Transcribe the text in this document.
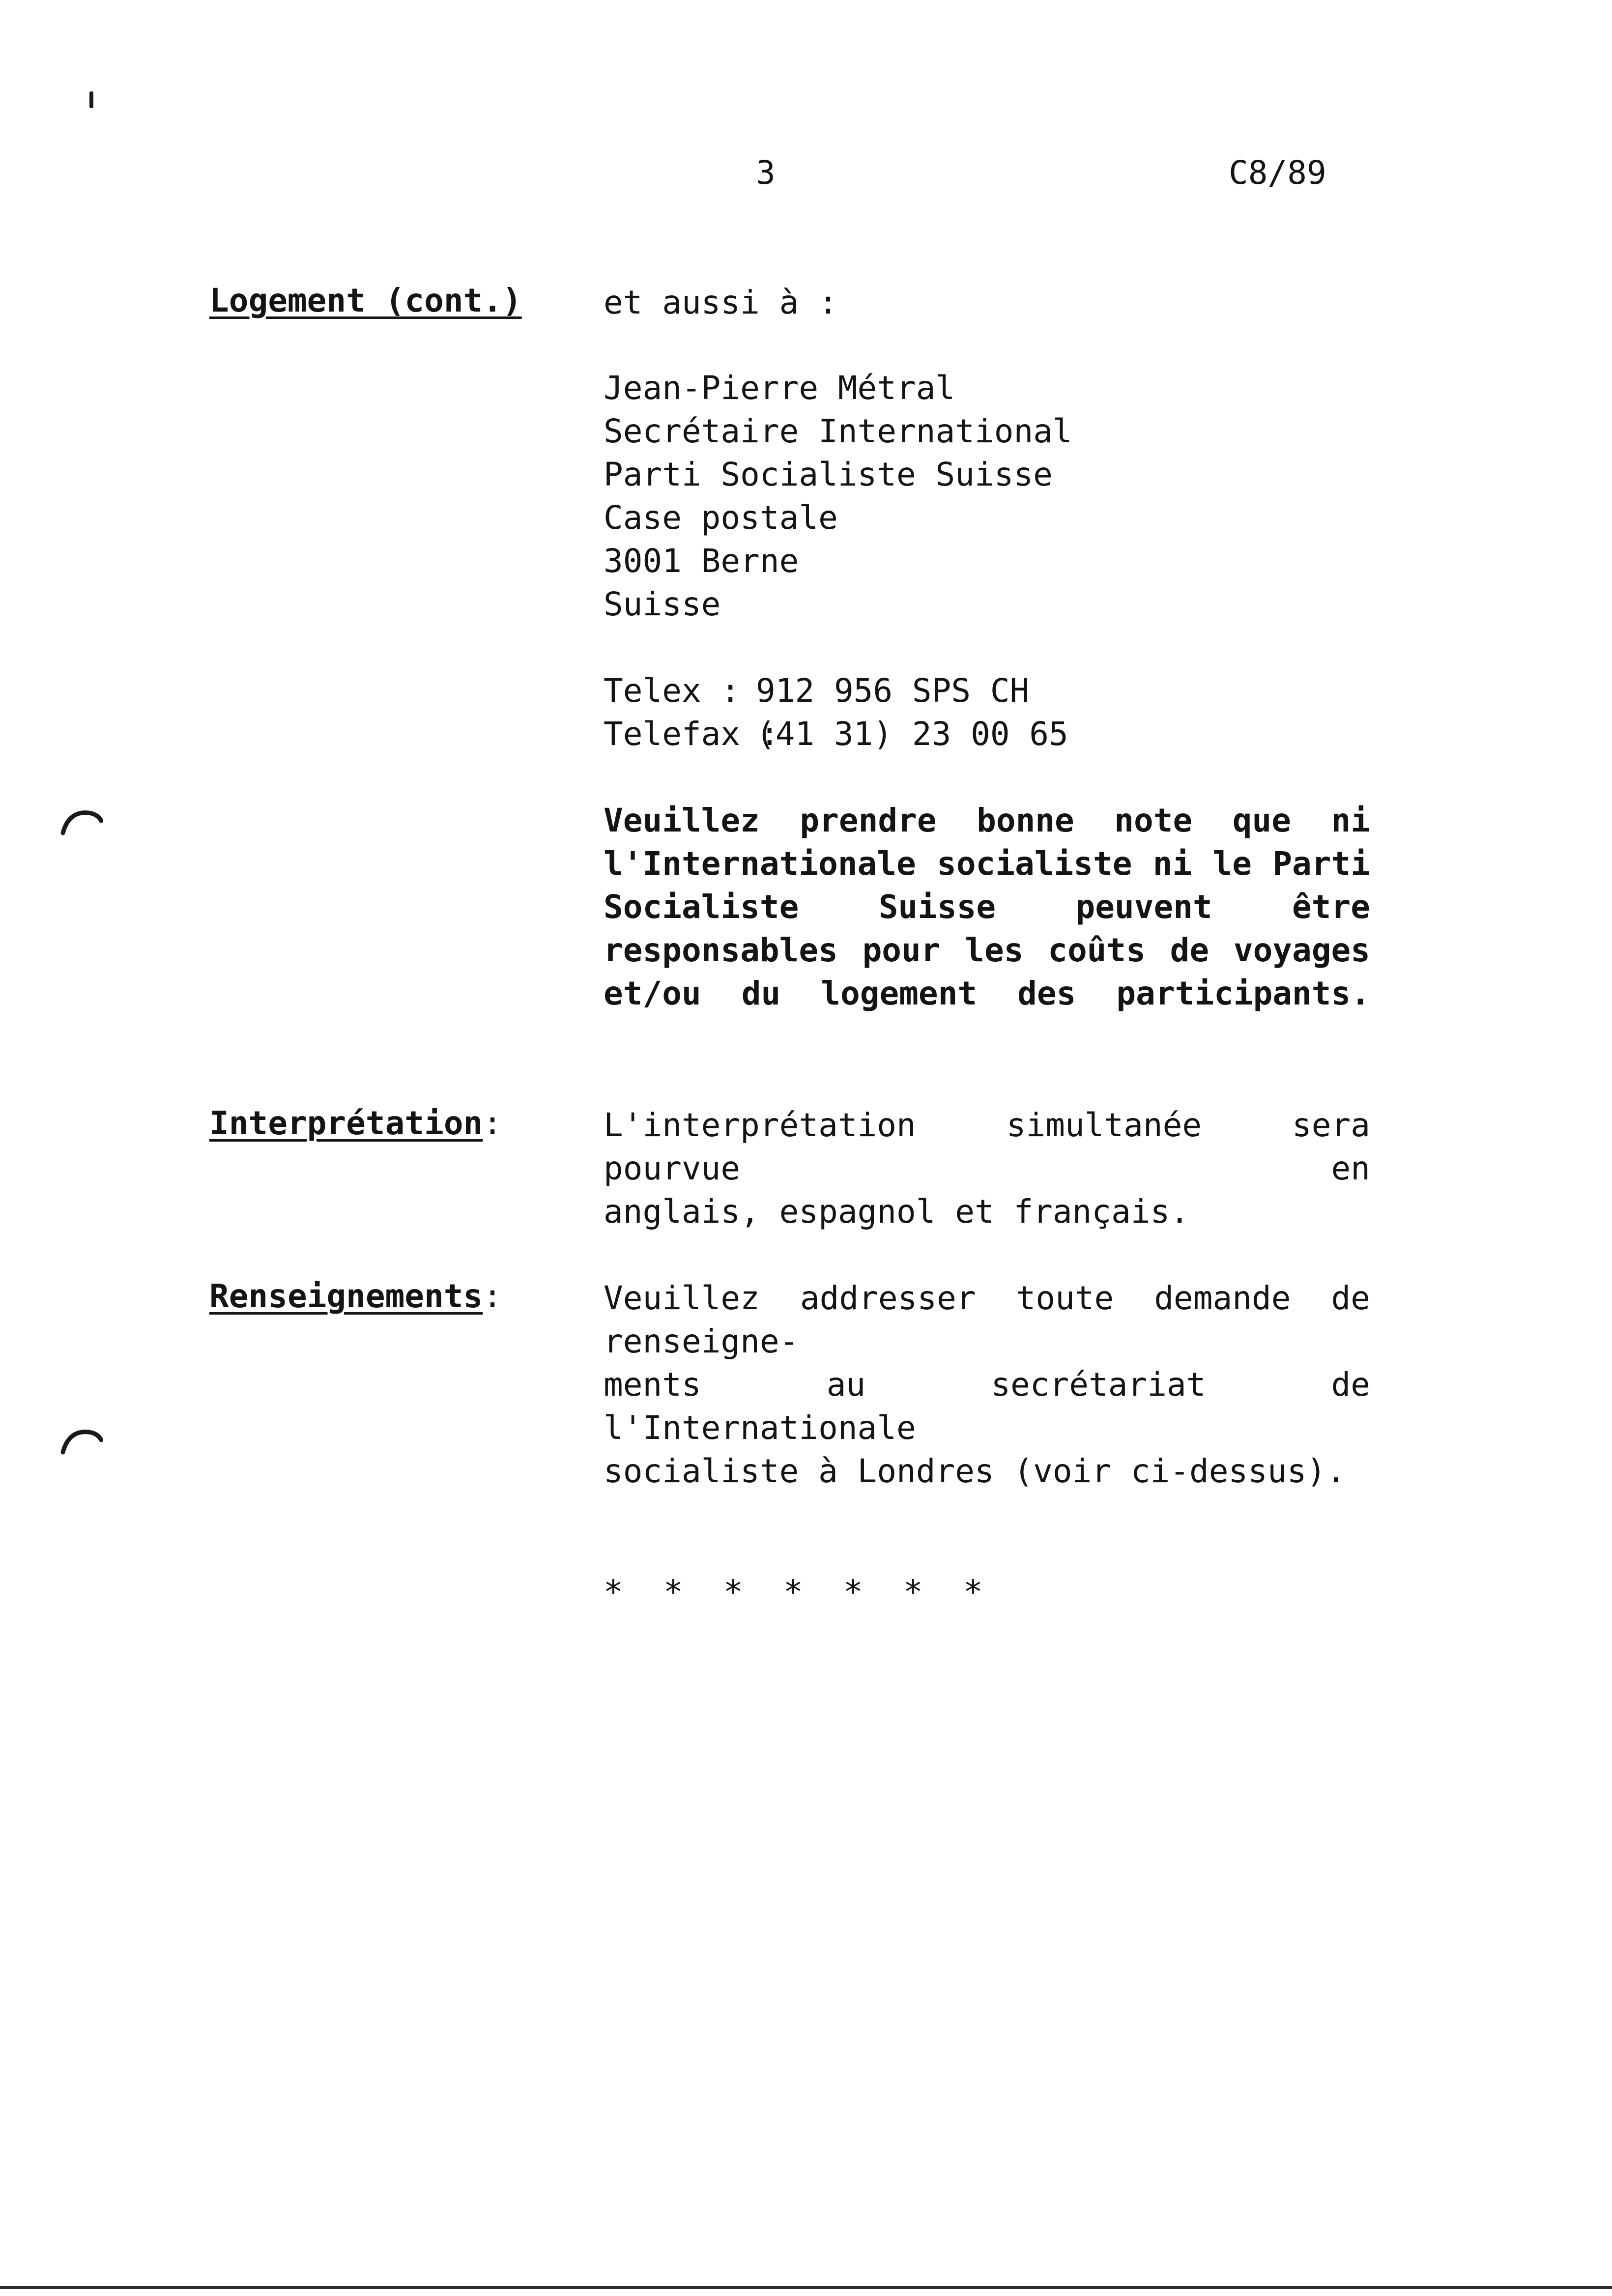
3	C8/89
Logement (cont.)	et aussi à :
Jean-Pierre Métral
Secrétaire International
Parti Socialiste Suisse
Case postale
3001 Berne
Suisse
Telex : 912 956 SPS CH
Telefax :
(41 31) 23 00 65
Veuillez prendre bonne note que ni
l'Internationale socialiste ni le Parti
Socialiste Suisse peuvent être
responsables pour les coûts de voyages
et/ou du logement des participants.
Interprétation:	L'interprétation simultanée sera pourvue en
anglais, espagnol et français.
Renseignements:	Veuillez addresser toute demande de renseigne-
ments au secrétariat de l'Internationale
socialiste à Londres (voir ci-dessus).
*	*	*	*	*	*	*
